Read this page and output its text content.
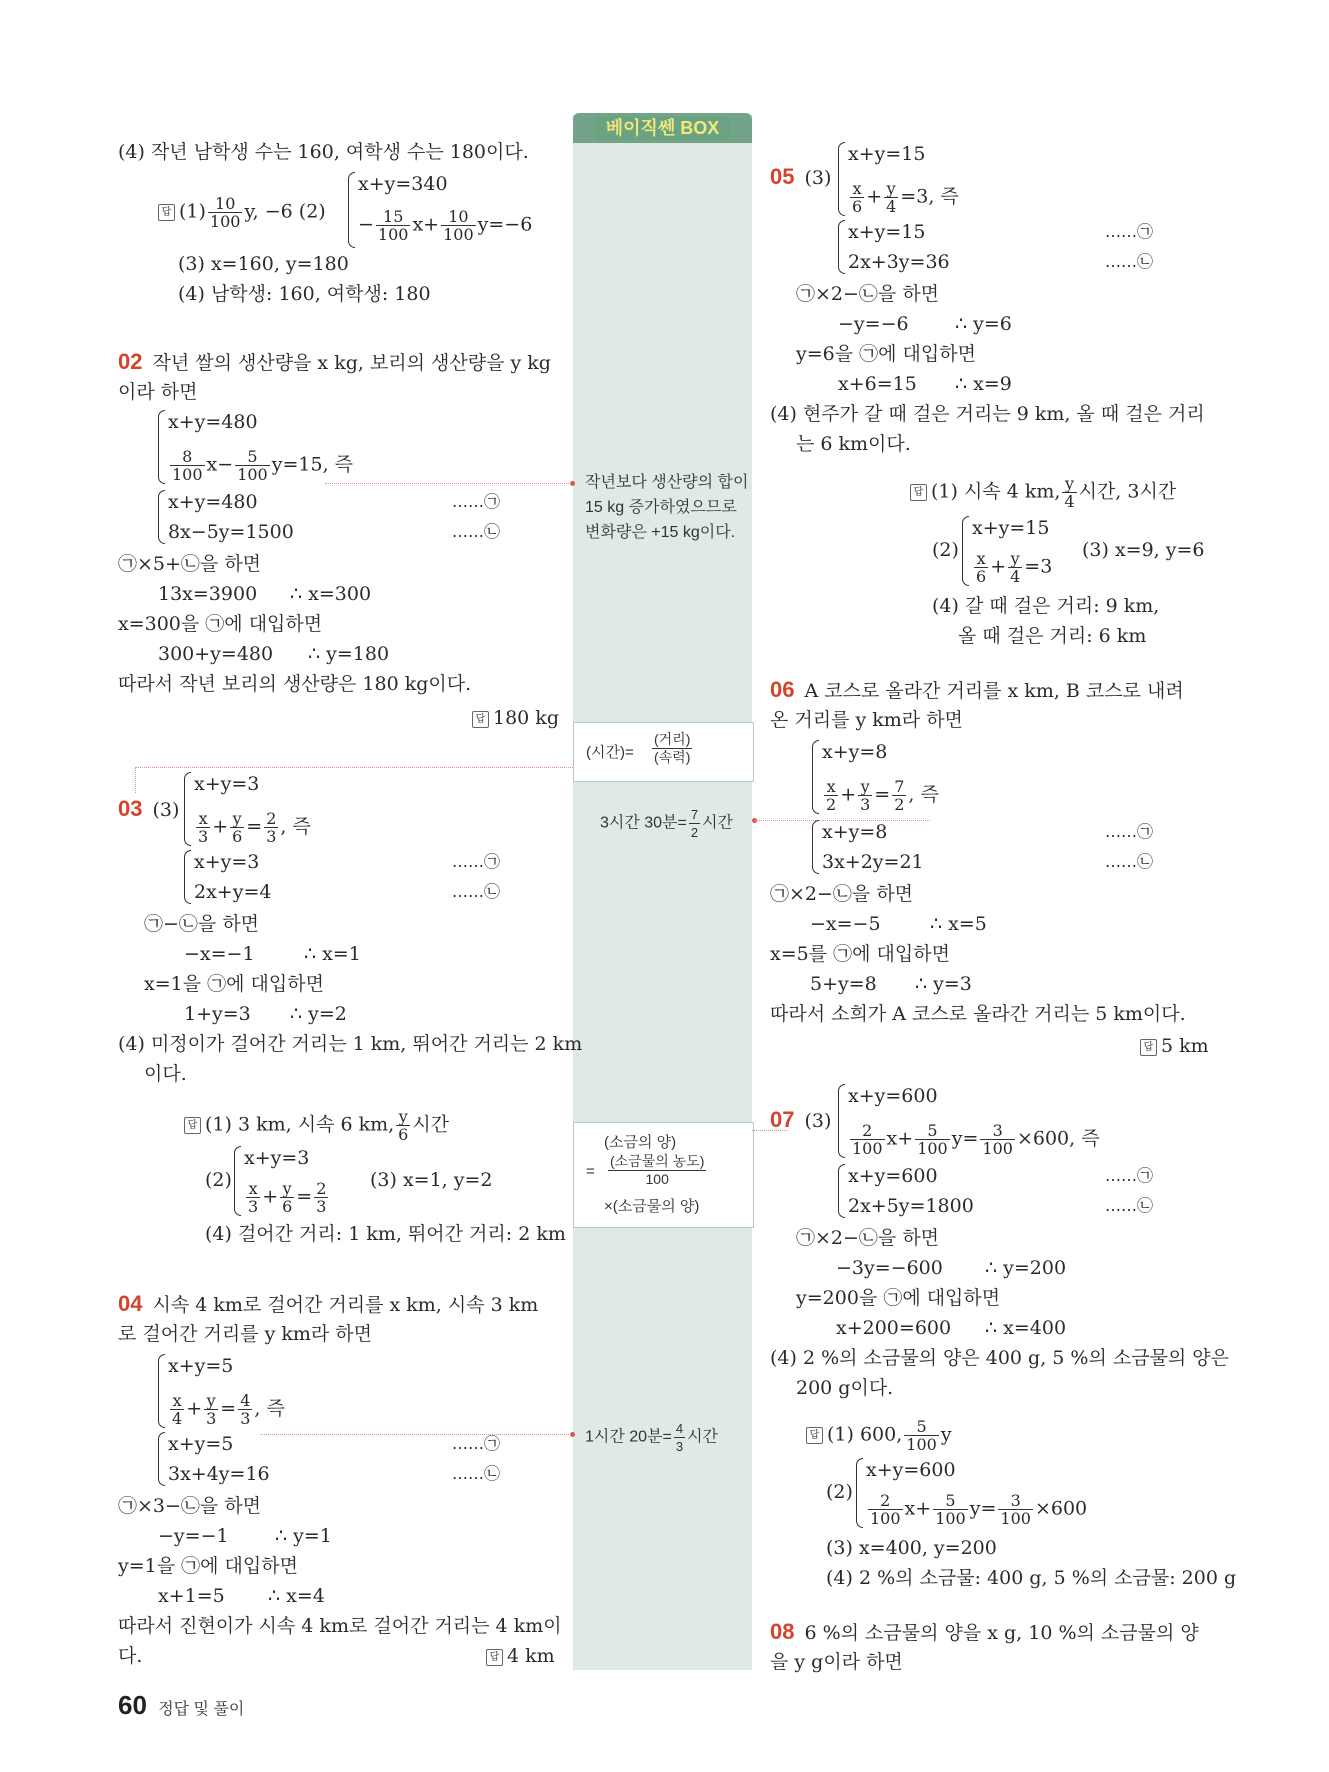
베이직쎈 BOX
작년보다 생산량의 합이
15 kg 증가하였으므로
변화량은 +15 kg이다.
(시간)=
(거리)
(속력)
3시간 30분= $\frac{7}{2}$ 시간
(소금의 양)
=
(소금물의 농도)
100
×(소금물의 양)
1시간 20분= $\frac{4}{3}$ 시간
(4) 작년 남학생 수는 160, 여학생 수는 180이다.
답 $(1) \frac{10}{100} y$, −6 (2)
x+y=340
− $\frac{15}{100} x+ \frac{10}{100} y=-6$
(3) x=160, y=180
(4) 남학생: 160, 여학생: 180
02 작년 쌀의 생산량을 x kg, 보리의 생산량을 y kg
이라 하면
x+y=480
$\frac{8}{100} x- \frac{5}{100} y=15$, 즉
x+y=480
8x−5y=1500
……㉠
……㉡
㉠×5+㉡을 하면
13x=3900 ∴ x=300
x=300을 ㉠에 대입하면
300+y=480 ∴ y=180
따라서 작년 보리의 생산량은 180 kg이다.
답 180 kg
03 (3)
x+y=3
$\frac{x}{3} + \frac{y}{6} = \frac{2}{3}$ , 즉
x+y=3
2x+y=4
……㉠
……㉡
㉠−㉡을 하면
−x=−1	∴ x=1
x=1을 ㉠에 대입하면
1+y=3 ∴ y=2
(4) 미정이가 걸어간 거리는 1 km, 뛰어간 거리는 2 km
이다.
답 (1) 3 km, 시속 6 km, $\frac{y}{6}$ 시간
(2)
x+y=3
$\frac{x}{3} + \frac{y}{6} = \frac{2}{3} (3)$ x=1, y=2
(4) 걸어간 거리: 1 km, 뛰어간 거리: 2 km
04 시속 4 km로 걸어간 거리를 x km, 시속 3 km
로 걸어간 거리를 y km라 하면
x+y=5
$\frac{x}{4} + \frac{y}{3} = \frac{4}{3}$ , 즉
x+y=5
3x+4y=16
……㉠
……㉡
㉠×3−㉡을 하면
−y=−1 ∴ y=1
y=1을 ㉠에 대입하면
x+1=5 ∴ x=4
따라서 진현이가 시속 4 km로 걸어간 거리는 4 km이
다.	답 4 km
05 (3)
x+y=15
$\frac{x}{6} + \frac{y}{4} =3$, 즉
x+y=15
2x+3y=36
……㉠
……㉡
㉠×2−㉡을 하면
−y=−6 ∴ y=6
y=6을 ㉠에 대입하면
x+6=15 ∴ x=9
(4) 현주가 갈 때 걸은 거리는 9 km, 올 때 걸은 거리
는 6 km이다.
답 (1) 시속 4 km, $\frac{y}{4}$ 시간, 3시간
(2)
x+y=15
$\frac{x}{6} + \frac{y}{4} =3$
(3) x=9, y=6
(4) 갈 때 걸은 거리: 9 km,
올 때 걸은 거리: 6 km
06 A 코스로 올라간 거리를 x km, B 코스로 내려
온 거리를 y km라 하면
x+y=8
$\frac{x}{2} + \frac{y}{3} = \frac{7}{2}$ , 즉
x+y=8
3x+2y=21
……㉠
……㉡
㉠×2−㉡을 하면
−x=−5	∴ x=5
x=5를 ㉠에 대입하면
5+y=8 ∴ y=3
따라서 소희가 A 코스로 올라간 거리는 5 km이다.
답 5 km
07 (3)
x+y=600
$\frac{2}{100} x+ \frac{5}{100} y= \frac{3}{100} \times 600$, 즉
x+y=600
2x+5y=1800
……㉠
……㉡
㉠×2−㉡을 하면
−3y=−600 ∴ y=200
y=200을 ㉠에 대입하면
x+200=600 ∴ x=400
(4) 2 %의 소금물의 양은 400 g, 5 %의 소금물의 양은
200 g이다.
답 (1) 600, $\frac{5}{100}$ y
(2)
x+y=600
$\frac{2}{100} x+ \frac{5}{100} y= \frac{3}{100} \times 600$
(3) x=400, y=200
(4) 2 %의 소금물: 400 g, 5 %의 소금물: 200 g
08 6 %의 소금물의 양을 x g, 10 %의 소금물의 양
을 y g이라 하면
60 정답 및 풀이
